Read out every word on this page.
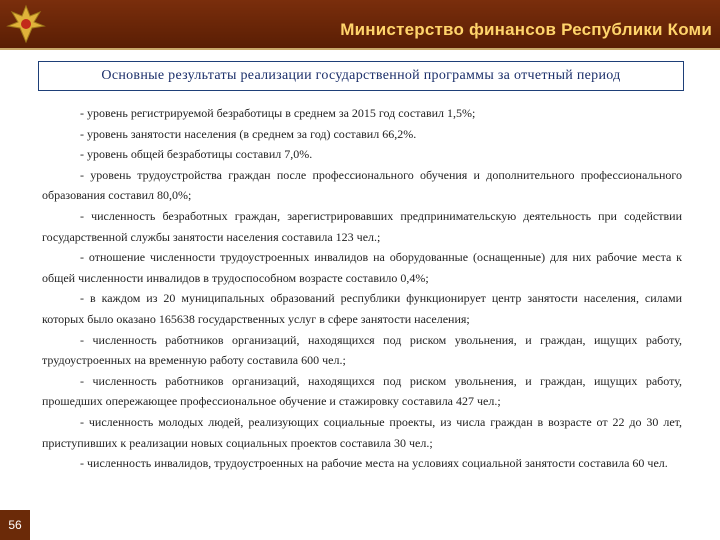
Министерство финансов Республики Коми
Основные результаты реализации государственной программы за отчетный период

- уровень регистрируемой безработицы в среднем за 2015 год составил 1,5%;

- уровень занятости населения (в среднем за год) составил 66,2%.

- уровень общей безработицы составил 7,0%.

- уровень трудоустройства граждан после профессионального обучения и дополнительного профессионального образования составил 80,0%;

- численность безработных граждан, зарегистрировавших предпринимательскую деятельность при содействии государственной службы занятости населения составила 123 чел.;

- отношение численности трудоустроенных инвалидов на оборудованные (оснащенные) для них рабочие места к общей численности инвалидов в трудоспособном возрасте составило 0,4%;

- в каждом из 20 муниципальных образований республики функционирует центр занятости населения, силами которых было оказано 165638 государственных услуг в сфере занятости населения;

- численность работников организаций, находящихся под риском увольнения, и граждан, ищущих работу, трудоустроенных на временную работу составила 600 чел.;

- численность работников организаций, находящихся под риском увольнения, и граждан, ищущих работу, прошедших опережающее профессиональное обучение и стажировку составила 427 чел.;

- численность молодых людей, реализующих социальные проекты, из числа граждан в возрасте от 22 до 30 лет, приступивших к реализации новых социальных проектов составила 30 чел.;

- численность инвалидов, трудоустроенных на рабочие места на условиях социальной занятости составила 60 чел.

56
